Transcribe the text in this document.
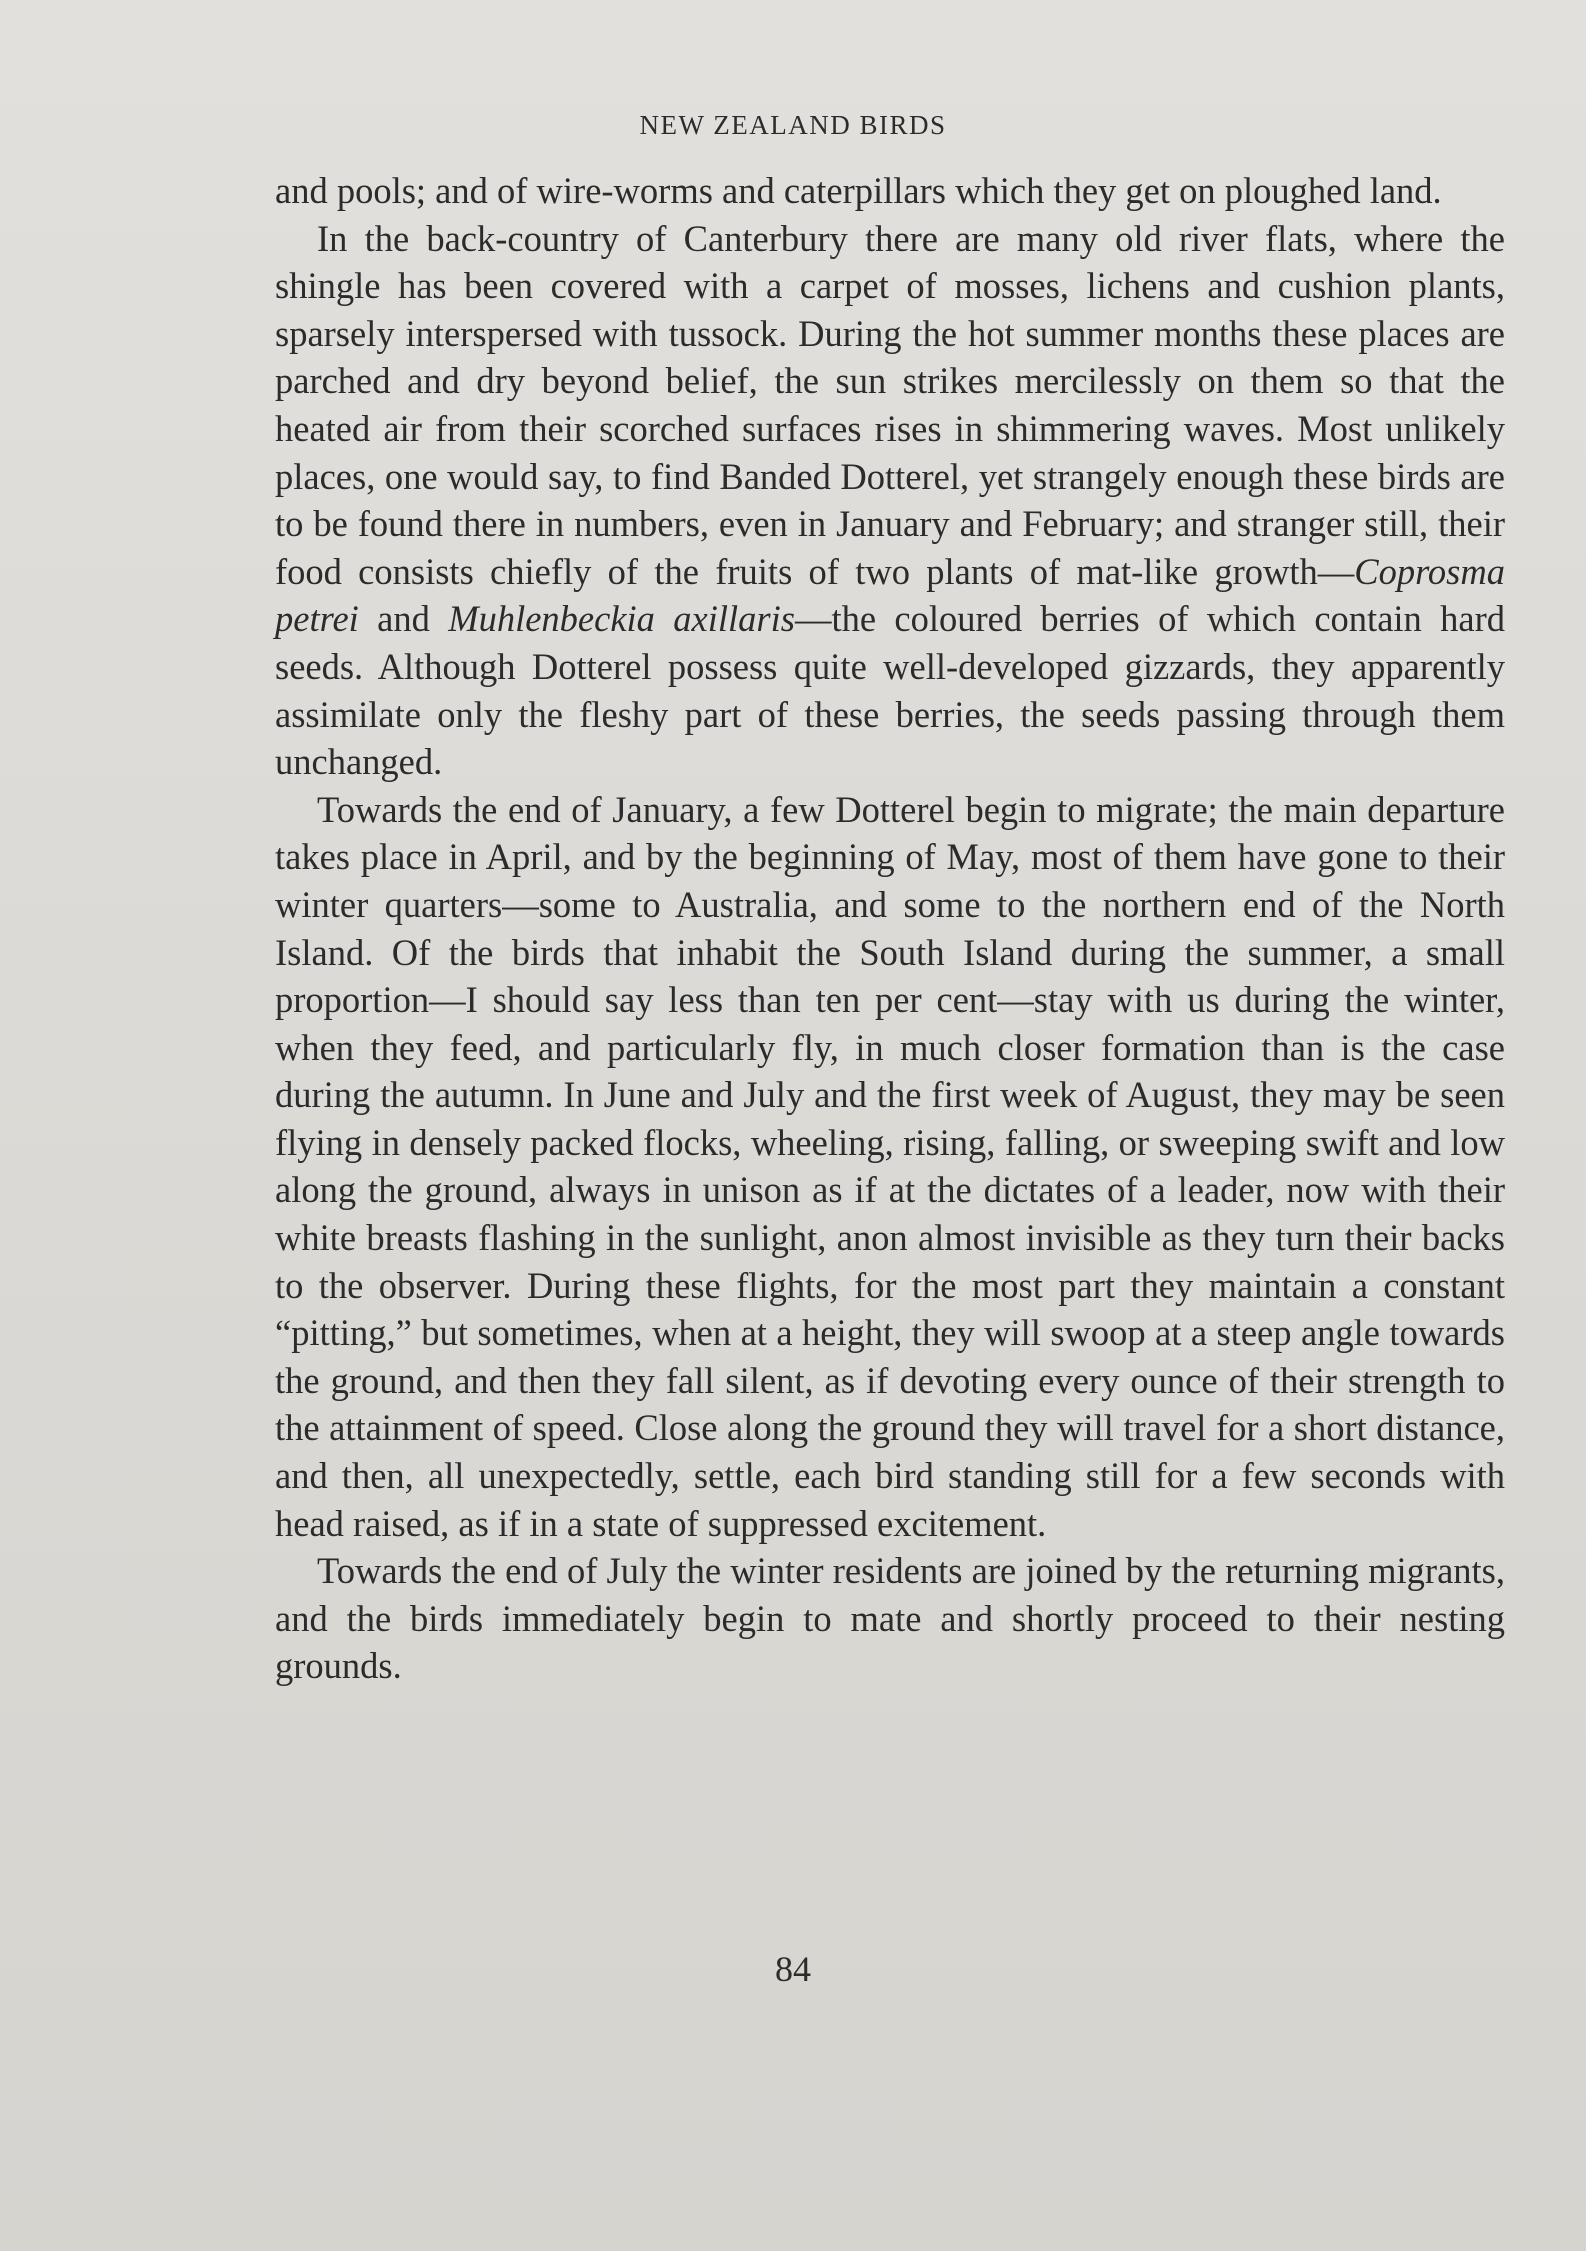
NEW ZEALAND BIRDS

and pools; and of wire-worms and caterpillars which they get on ploughed land.

In the back-country of Canterbury there are many old river flats, where the shingle has been covered with a carpet of mosses, lichens and cushion plants, sparsely interspersed with tussock. During the hot summer months these places are parched and dry beyond belief, the sun strikes mercilessly on them so that the heated air from their scorched surfaces rises in shimmering waves. Most unlikely places, one would say, to find Banded Dotterel, yet strangely enough these birds are to be found there in numbers, even in January and February; and stranger still, their food consists chiefly of the fruits of two plants of mat-like growth—Coprosma petrei and Muhlenbeckia axillaris—the coloured berries of which contain hard seeds. Although Dotterel possess quite well-developed gizzards, they apparently assimilate only the fleshy part of these berries, the seeds passing through them unchanged.

Towards the end of January, a few Dotterel begin to migrate; the main departure takes place in April, and by the beginning of May, most of them have gone to their winter quarters—some to Australia, and some to the northern end of the North Island. Of the birds that inhabit the South Island during the summer, a small proportion—I should say less than ten per cent—stay with us during the winter, when they feed, and particularly fly, in much closer formation than is the case during the autumn. In June and July and the first week of August, they may be seen flying in densely packed flocks, wheeling, rising, falling, or sweeping swift and low along the ground, always in unison as if at the dictates of a leader, now with their white breasts flashing in the sunlight, anon almost invisible as they turn their backs to the observer. During these flights, for the most part they maintain a constant “pitting,” but sometimes, when at a height, they will swoop at a steep angle towards the ground, and then they fall silent, as if devoting every ounce of their strength to the attainment of speed. Close along the ground they will travel for a short distance, and then, all unexpectedly, settle, each bird standing still for a few seconds with head raised, as if in a state of suppressed excitement.

Towards the end of July the winter residents are joined by the returning migrants, and the birds immediately begin to mate and shortly proceed to their nesting grounds.

84
